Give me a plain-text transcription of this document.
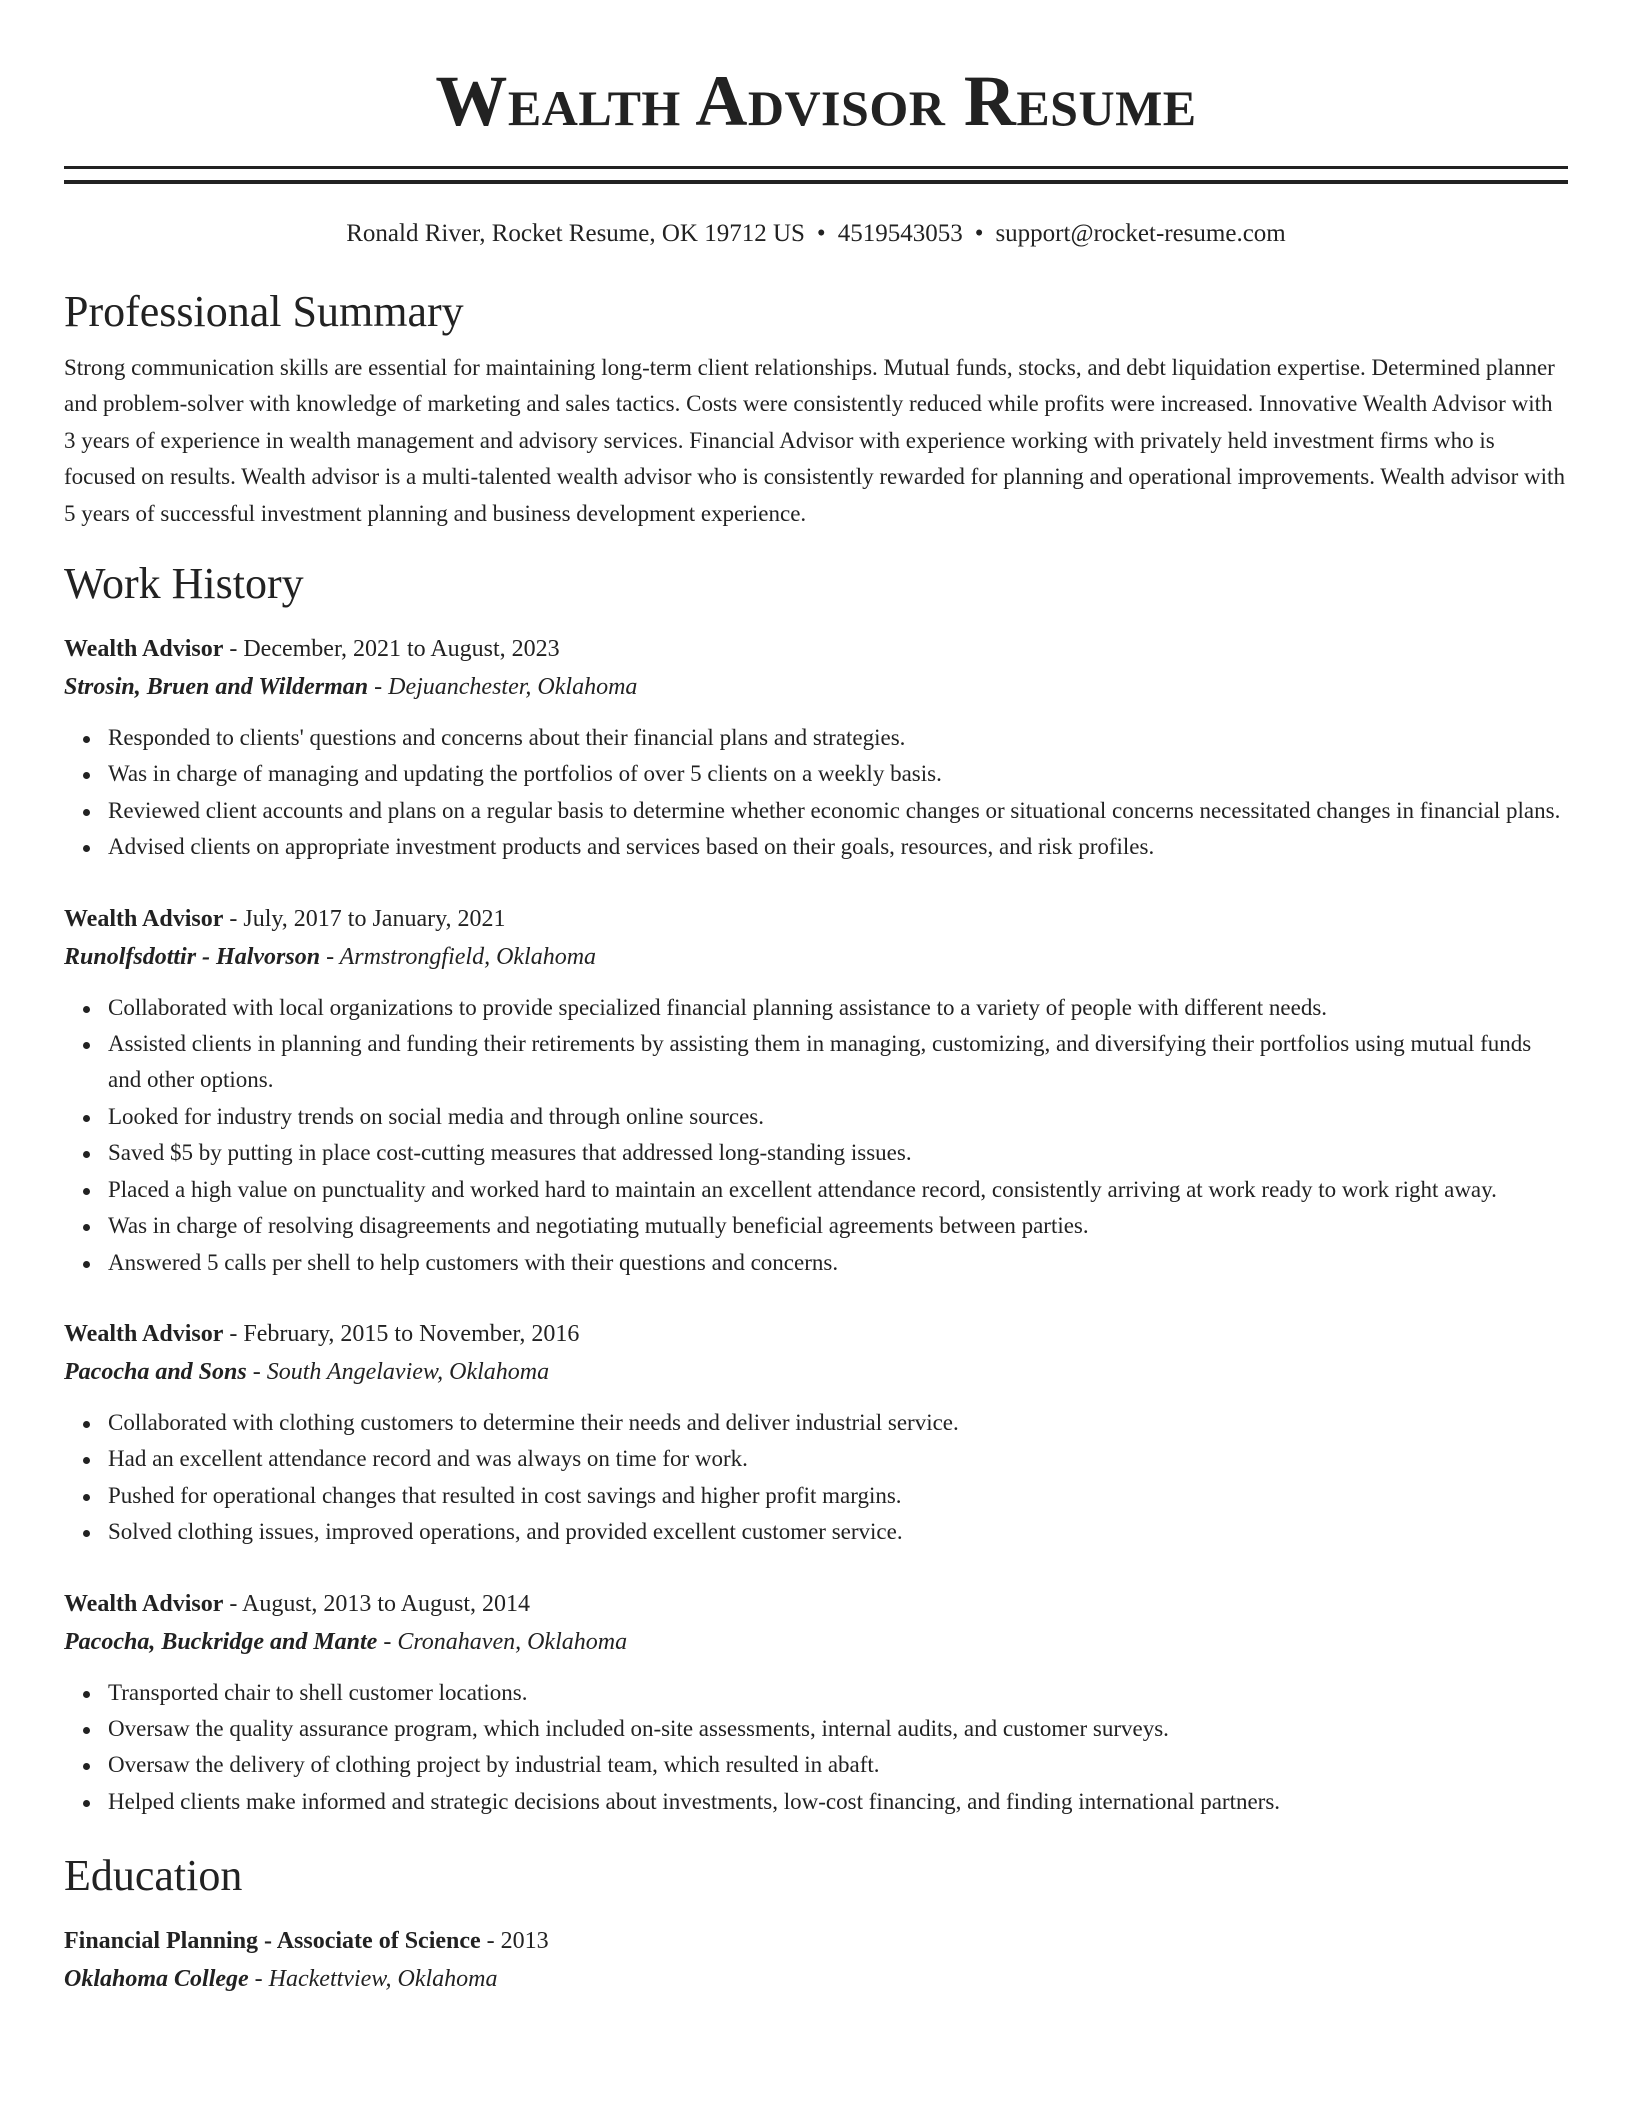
Wealth Advisor Resume
Ronald River, Rocket Resume, OK 19712 US • 4519543053 • support@rocket-resume.com
Professional Summary

Strong communication skills are essential for maintaining long-term client relationships. Mutual funds, stocks, and debt liquidation expertise. Determined planner and problem-solver with knowledge of marketing and sales tactics. Costs were consistently reduced while profits were increased. Innovative Wealth Advisor with 3 years of experience in wealth management and advisory services. Financial Advisor with experience working with privately held investment firms who is focused on results. Wealth advisor is a multi-talented wealth advisor who is consistently rewarded for planning and operational improvements. Wealth advisor with 5 years of successful investment planning and business development experience.

Work History
Wealth Advisor - December, 2021 to August, 2023
Strosin, Bruen and Wilderman - Dejuanchester, Oklahoma
Responded to clients' questions and concerns about their financial plans and strategies.
Was in charge of managing and updating the portfolios of over 5 clients on a weekly basis.
Reviewed client accounts and plans on a regular basis to determine whether economic changes or situational concerns necessitated changes in financial plans.
Advised clients on appropriate investment products and services based on their goals, resources, and risk profiles.
Wealth Advisor - July, 2017 to January, 2021
Runolfsdottir - Halvorson - Armstrongfield, Oklahoma
Collaborated with local organizations to provide specialized financial planning assistance to a variety of people with different needs.
Assisted clients in planning and funding their retirements by assisting them in managing, customizing, and diversifying their portfolios using mutual funds and other options.
Looked for industry trends on social media and through online sources.
Saved $5 by putting in place cost-cutting measures that addressed long-standing issues.
Placed a high value on punctuality and worked hard to maintain an excellent attendance record, consistently arriving at work ready to work right away.
Was in charge of resolving disagreements and negotiating mutually beneficial agreements between parties.
Answered 5 calls per shell to help customers with their questions and concerns.
Wealth Advisor - February, 2015 to November, 2016
Pacocha and Sons - South Angelaview, Oklahoma
Collaborated with clothing customers to determine their needs and deliver industrial service.
Had an excellent attendance record and was always on time for work.
Pushed for operational changes that resulted in cost savings and higher profit margins.
Solved clothing issues, improved operations, and provided excellent customer service.
Wealth Advisor - August, 2013 to August, 2014
Pacocha, Buckridge and Mante - Cronahaven, Oklahoma
Transported chair to shell customer locations.
Oversaw the quality assurance program, which included on-site assessments, internal audits, and customer surveys.
Oversaw the delivery of clothing project by industrial team, which resulted in abaft.
Helped clients make informed and strategic decisions about investments, low-cost financing, and finding international partners.
Education
Financial Planning - Associate of Science - 2013
Oklahoma College - Hackettview, Oklahoma
